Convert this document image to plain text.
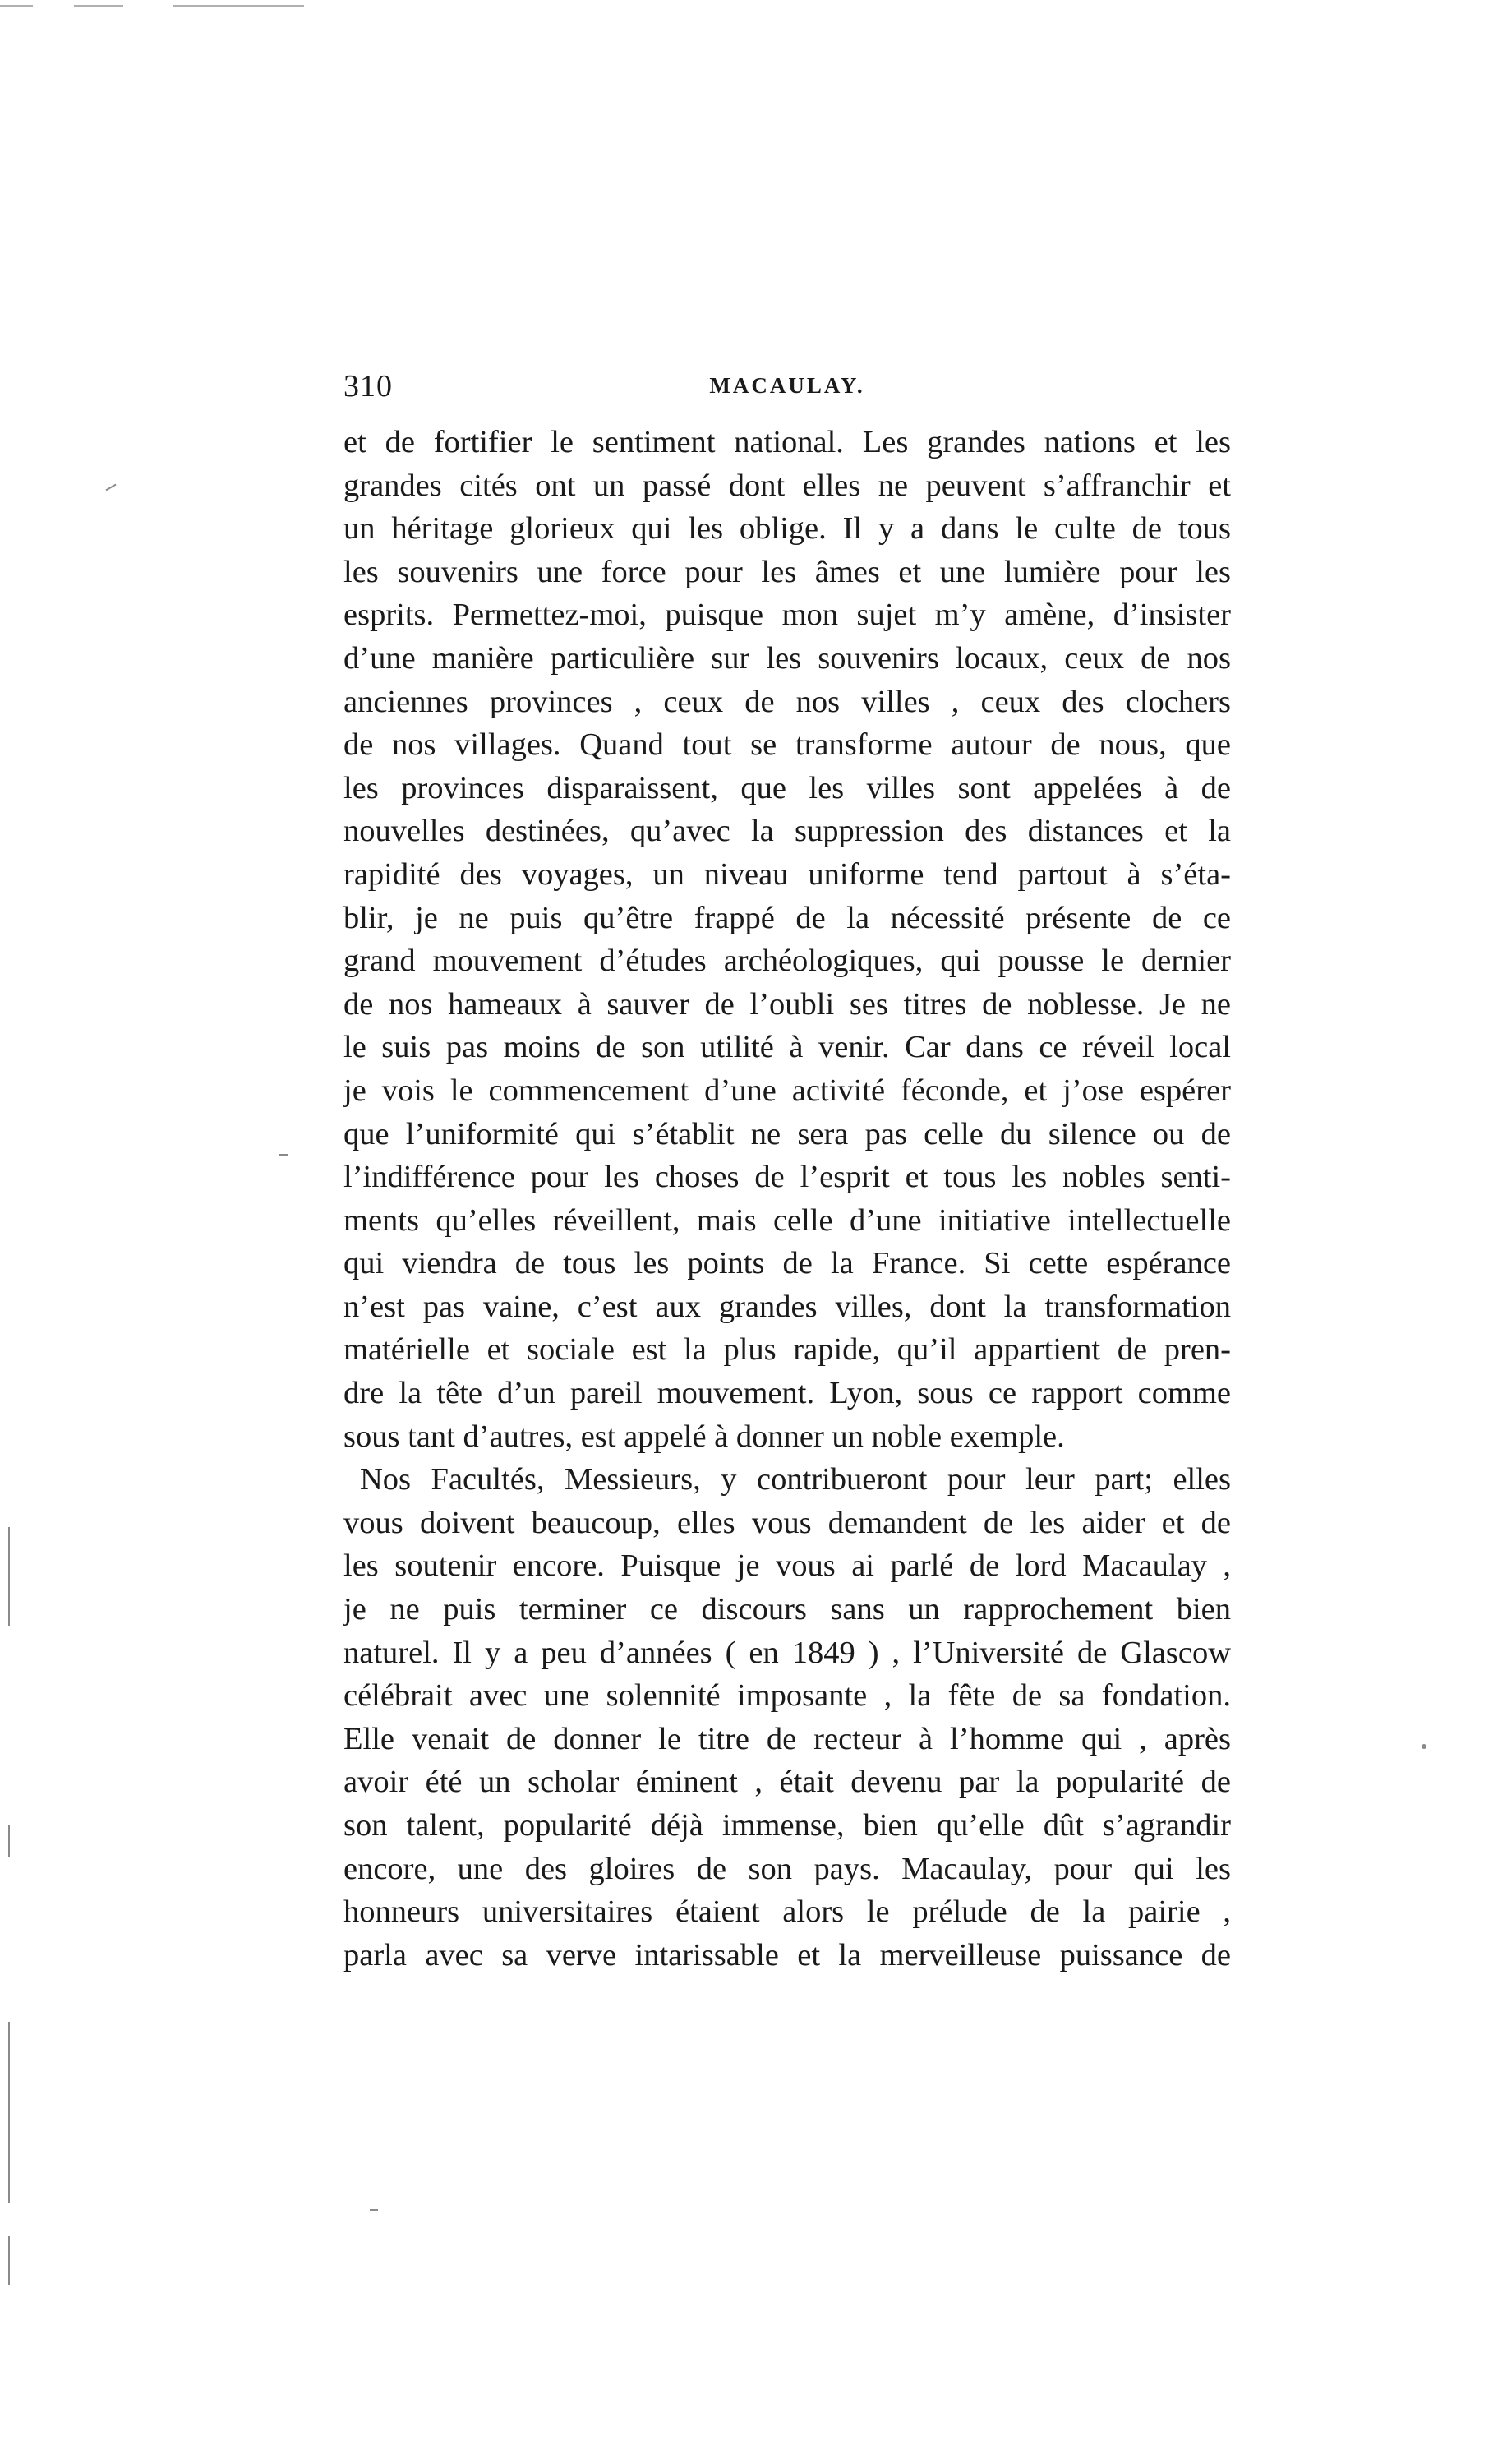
310	MACAULAY.
et de fortifier le sentiment national. Les grandes nations et les
grandes cités ont un passé dont elles ne peuvent s’affranchir et
un héritage glorieux qui les oblige. Il y a dans le culte de tous
les souvenirs une force pour les âmes et une lumière pour les
esprits. Permettez-moi, puisque mon sujet m’y amène, d’insister
d’une manière particulière sur les souvenirs locaux, ceux de nos
anciennes provinces , ceux de nos villes , ceux des clochers
de nos villages. Quand tout se transforme autour de nous, que
les provinces disparaissent, que les villes sont appelées à de
nouvelles destinées, qu’avec la suppression des distances et la
rapidité des voyages, un niveau uniforme tend partout à s’éta-
blir, je ne puis qu’être frappé de la nécessité présente de ce
grand mouvement d’études archéologiques, qui pousse le dernier
de nos hameaux à sauver de l’oubli ses titres de noblesse. Je ne
le suis pas moins de son utilité à venir. Car dans ce réveil local
je vois le commencement d’une activité féconde, et j’ose espérer
que l’uniformité qui s’établit ne sera pas celle du silence ou de
l’indifférence pour les choses de l’esprit et tous les nobles senti-
ments qu’elles réveillent, mais celle d’une initiative intellectuelle
qui viendra de tous les points de la France. Si cette espérance
n’est pas vaine, c’est aux grandes villes, dont la transformation
matérielle et sociale est la plus rapide, qu’il appartient de pren-
dre la tête d’un pareil mouvement. Lyon, sous ce rapport comme
sous tant d’autres, est appelé à donner un noble exemple.
Nos Facultés, Messieurs, y contribueront pour leur part; elles
vous doivent beaucoup, elles vous demandent de les aider et de
les soutenir encore. Puisque je vous ai parlé de lord Macaulay ,
je ne puis terminer ce discours sans un rapprochement bien
naturel. Il y a peu d’années ( en 1849 ) , l’Université de Glascow
célébrait avec une solennité imposante , la fête de sa fondation.
Elle venait de donner le titre de recteur à l’homme qui , après
avoir été un scholar éminent , était devenu par la popularité de
son talent, popularité déjà immense, bien qu’elle dût s’agrandir
encore, une des gloires de son pays. Macaulay, pour qui les
honneurs universitaires étaient alors le prélude de la pairie ,
parla avec sa verve intarissable et la merveilleuse puissance de
